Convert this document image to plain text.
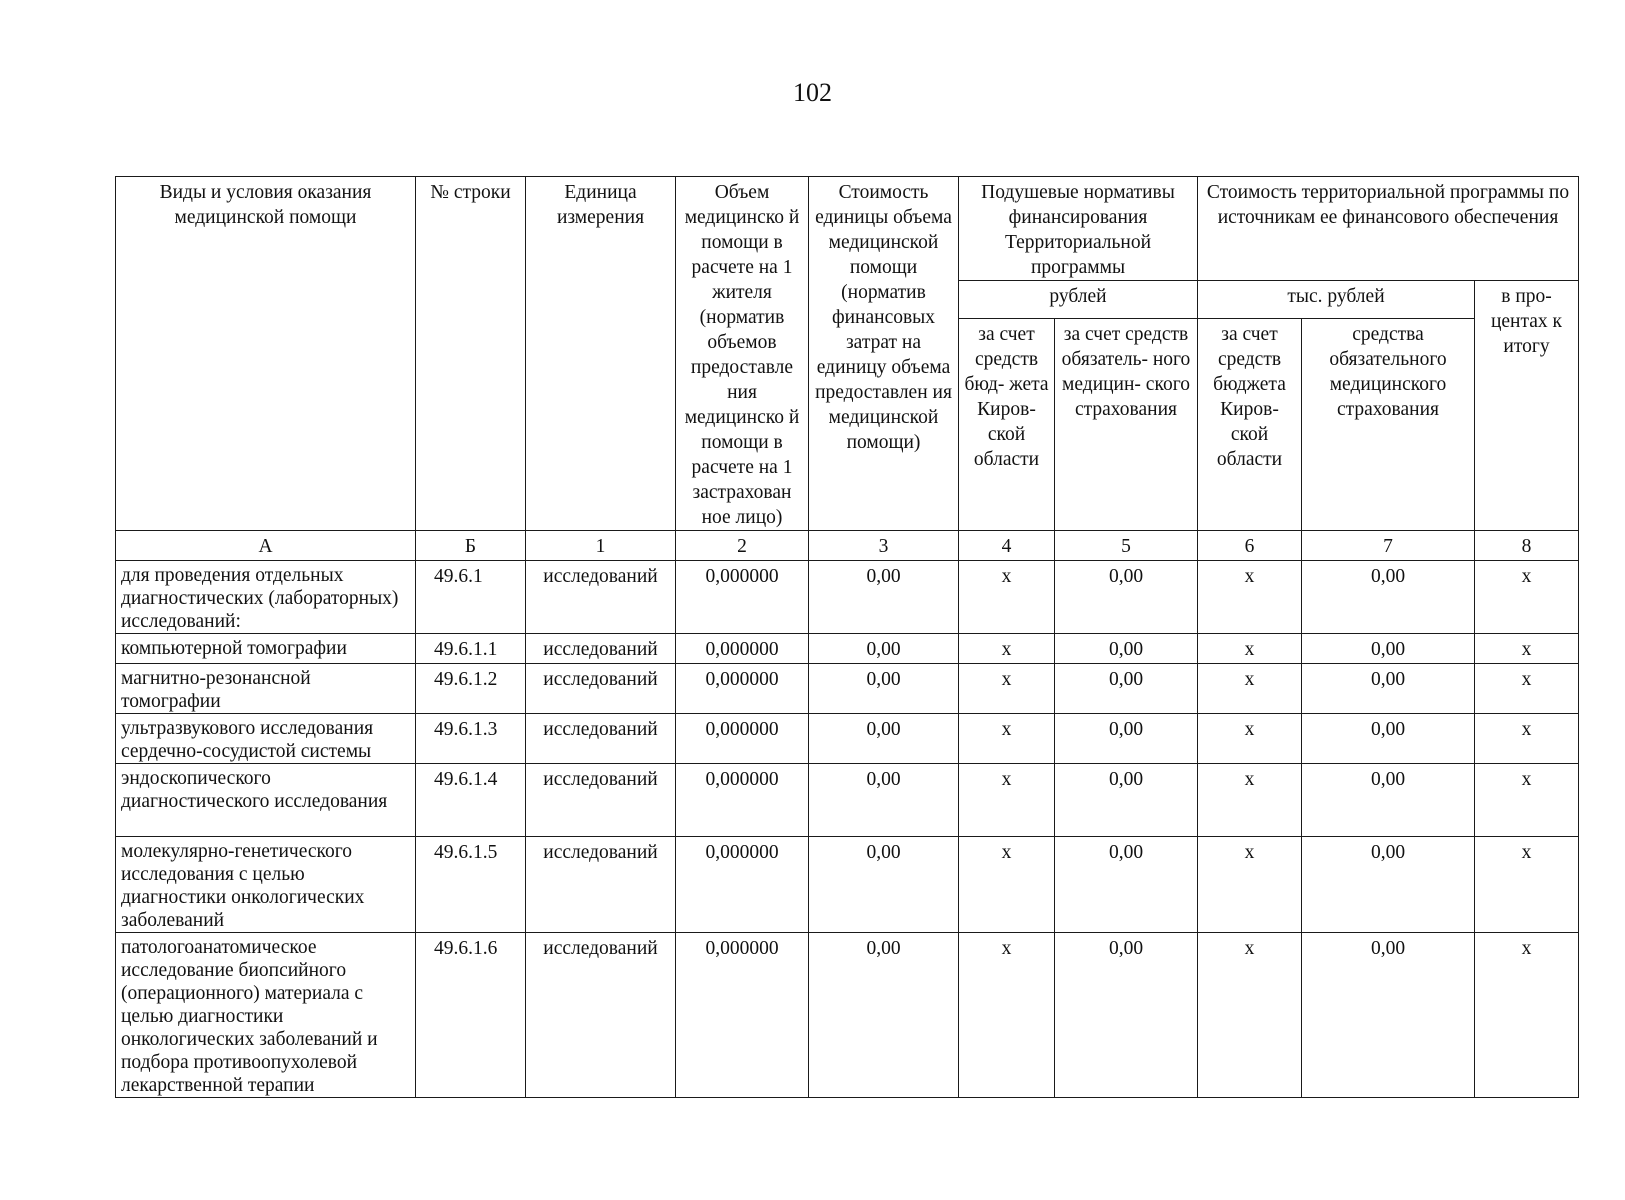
102
Виды и условия оказания медицинской помощи	№ строки	Единица измерения	Объем медицинско й помощи в расчете на 1 жителя (норматив объемов предоставле ния медицинско й помощи в расчете на 1 застрахован ное лицо)	Стоимость единицы объема медицинской помощи (норматив финансовых затрат на единицу объема предоставлен ия медицинской помощи)	Подушевые нормативы финансирования Территориальной программы		Стоимость территориальной программы по источникам ее финансового обеспечения		
					рублей		тыс. рублей		в про- центах к итогу
					за счет средств бюд- жета Киров- ской области	за счет средств обязатель- ного медицин- ского страхования	за счет средств бюджета Киров- ской области	средства обязательного медицинского страхования	
А	Б	1	2	3	4	5	6	7	8
для проведения отдельных диагностических (лабораторных) исследований:	49.6.1	исследований	0,000000	0,00	х	0,00	х	0,00	х
компьютерной томографии	49.6.1.1	исследований	0,000000	0,00	х	0,00	х	0,00	х
магнитно-резонансной томографии	49.6.1.2	исследований	0,000000	0,00	х	0,00	х	0,00	х
ультразвукового исследования сердечно-сосудистой системы	49.6.1.3	исследований	0,000000	0,00	х	0,00	х	0,00	х
эндоскопического диагностического исследования	49.6.1.4	исследований	0,000000	0,00	х	0,00	х	0,00	х
молекулярно-генетического исследования с целью диагностики онкологических заболеваний	49.6.1.5	исследований	0,000000	0,00	х	0,00	х	0,00	х
патологоанатомическое исследование биопсийного (операционного) материала с целью диагностики онкологических заболеваний и подбора противоопухолевой лекарственной терапии	49.6.1.6	исследований	0,000000	0,00	х	0,00	х	0,00	х
